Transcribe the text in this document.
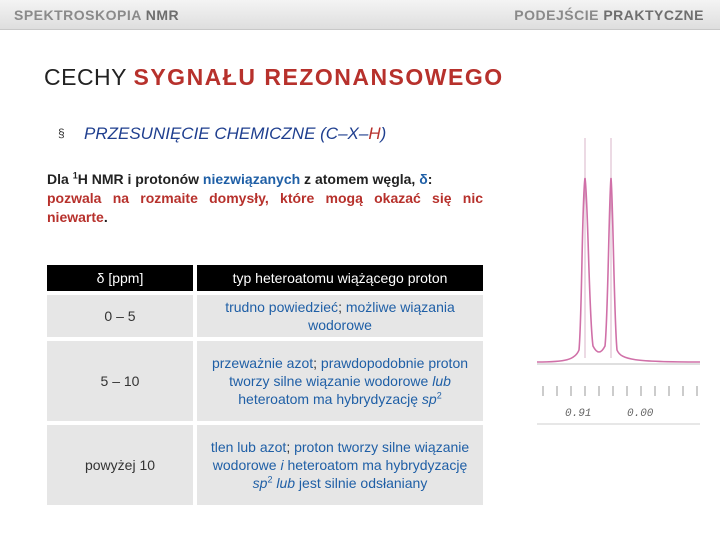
SPEKTROSKOPIA NMR	PODEJŚCIE PRAKTYCZNE
CECHY SYGNAŁU REZONANSOWEGO
§ PRZESUNIĘCIE CHEMICZNE (C–X–H)
Dla $^1$H NMR i protonów niezwiązanych z atomem węgla, δ:
pozwala na rozmaite domysły, które mogą okazać się nic niewarte.
δ [ppm]	typ heteroatomu wiążącego proton
0 – 5	trudno powiedzieć; możliwe wiązania wodorowe
5 – 10	przeważnie azot; prawdopodobnie proton tworzy silne wiązanie wodorowe lub heteroatom ma hybrydyzację $sp^2$
powyżej 10	tlen lub azot; proton tworzy silne wiązanie wodorowe i heteroatom ma hybrydyzację $sp^2$ lub jest silnie odsłaniany
0.91	0.00
